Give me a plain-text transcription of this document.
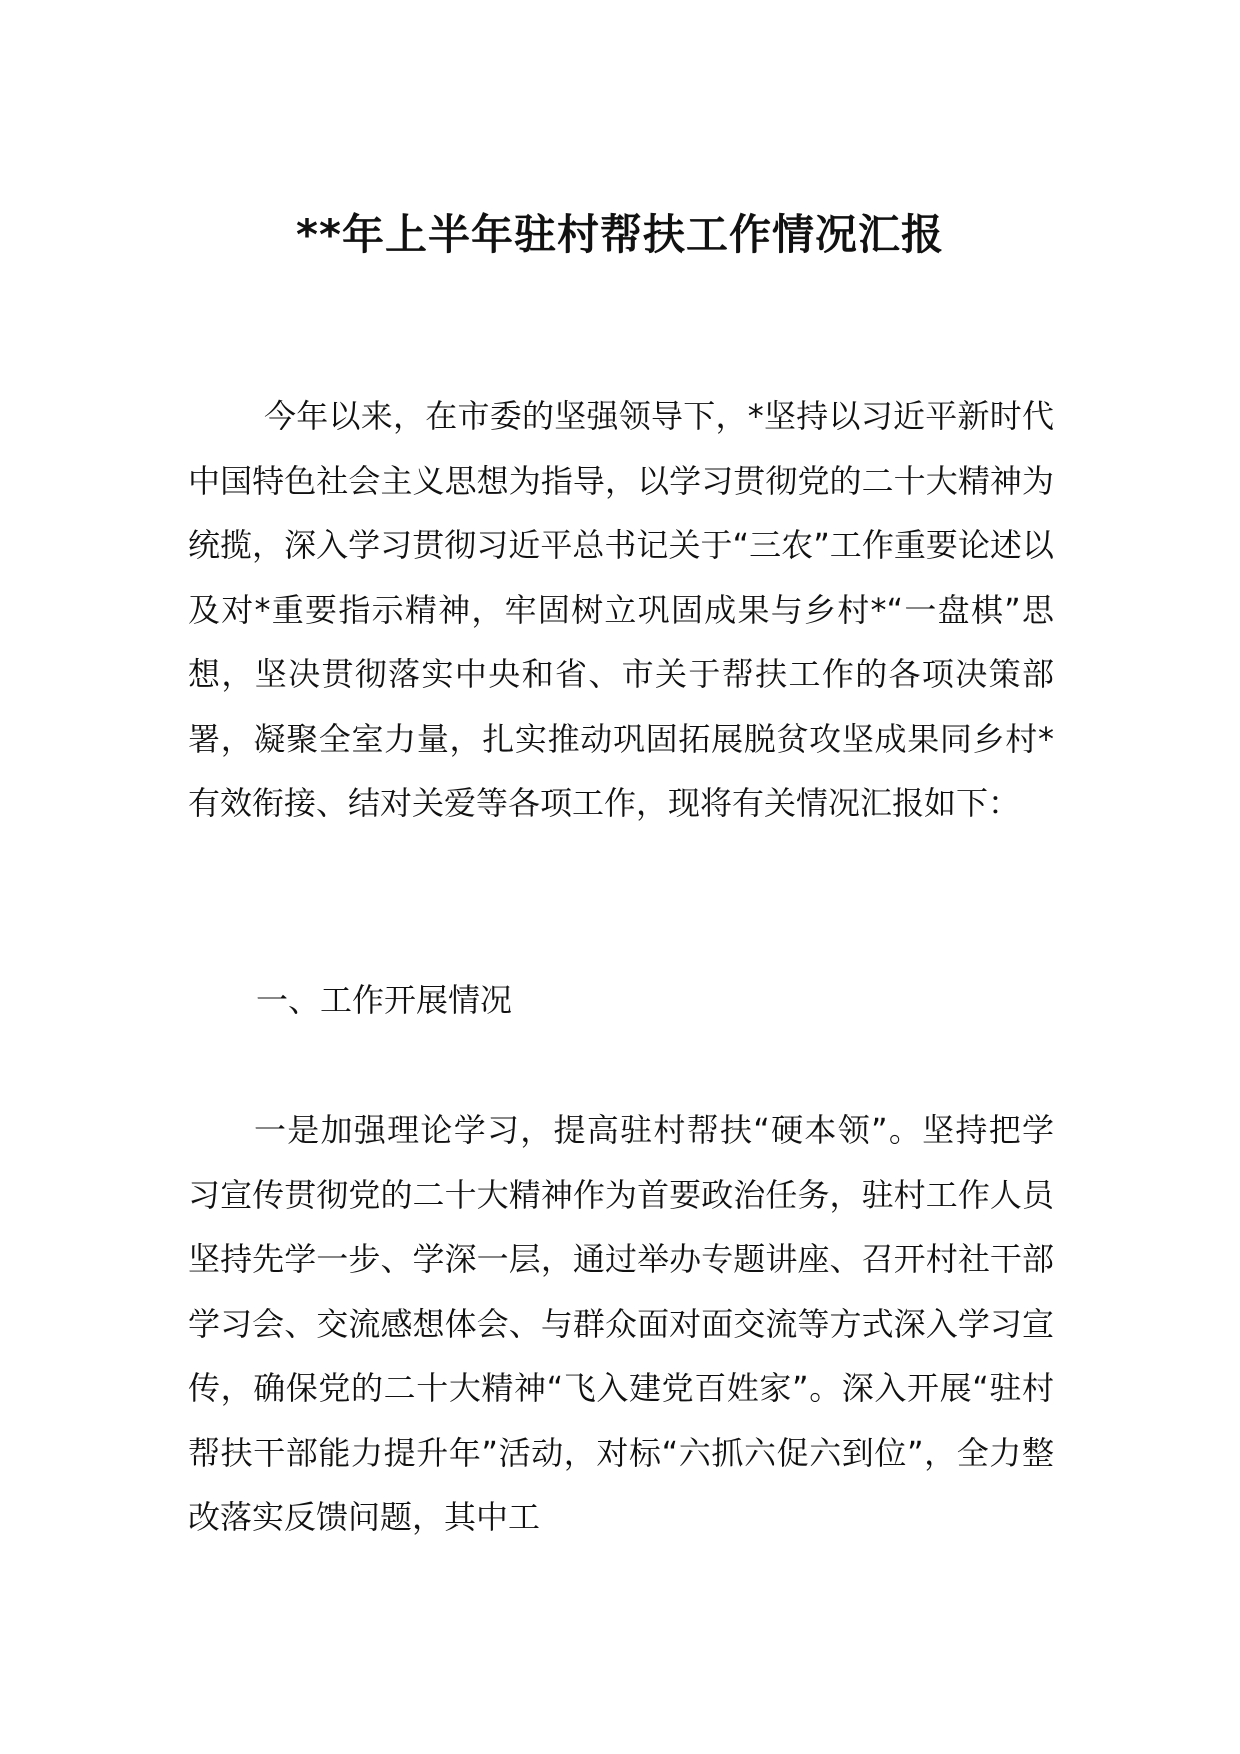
**年上半年驻村帮扶工作情况汇报

今年以来，在市委的坚强领导下，*坚持以习近平新时代中国特色社会主义思想为指导，以学习贯彻党的二十大精神为统揽，深入学习贯彻习近平总书记关于“三农”工作重要论述以及对*重要指示精神，牢固树立巩固成果与乡村*“一盘棋”思想，坚决贯彻落实中央和省、市关于帮扶工作的各项决策部署，凝聚全室力量，扎实推动巩固拓展脱贫攻坚成果同乡村*有效衔接、结对关爱等各项工作，现将有关情况汇报如下：

一、工作开展情况

一是加强理论学习，提高驻村帮扶“硬本领”。坚持把学习宣传贯彻党的二十大精神作为首要政治任务，驻村工作人员坚持先学一步、学深一层，通过举办专题讲座、召开村社干部学习会、交流感想体会、与群众面对面交流等方式深入学习宣传，确保党的二十大精神“飞入建党百姓家”。深入开展“驻村帮扶干部能力提升年”活动，对标“六抓六促六到位”，全力整改落实反馈问题，其中工
